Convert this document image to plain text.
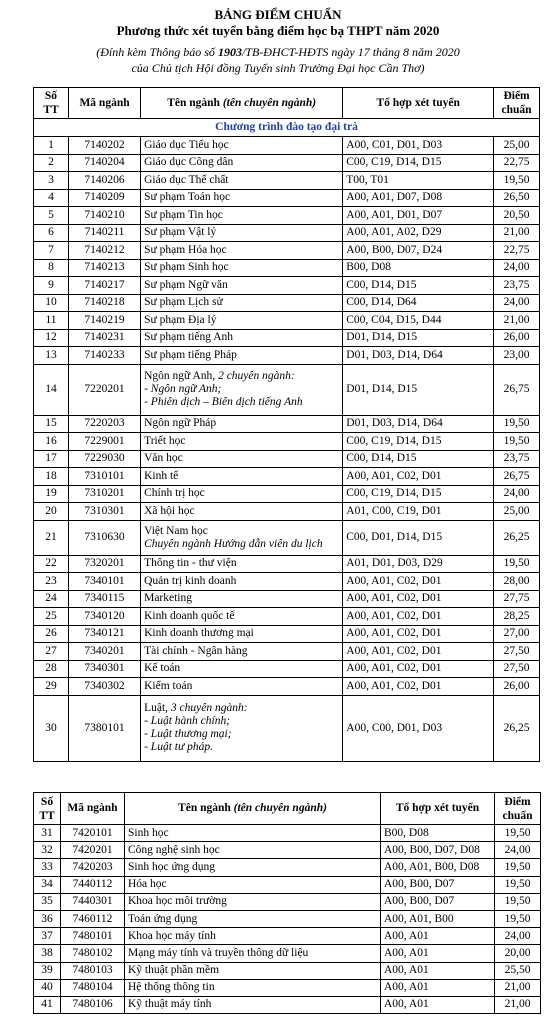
BẢNG ĐIỂM CHUẨN
Phương thức xét tuyển bằng điểm học bạ THPT năm 2020
(Đính kèm Thông báo số 1903/TB-ĐHCT-HĐTS ngày 17 tháng 8 năm 2020
của Chủ tịch Hội đồng Tuyển sinh Trường Đại học Cần Thơ)
Số
TT	Mã ngành	Tên ngành (tên chuyên ngành)	Tổ hợp xét tuyển	Điểm
chuẩn

Chương trình đào tạo đại trà				
1	7140202	Giáo dục Tiểu học	A00, C01, D01, D03	25,00
2	7140204	Giáo dục Công dân	C00, C19, D14, D15	22,75
3	7140206	Giáo dục Thể chất	T00, T01	19,50
4	7140209	Sư phạm Toán học	A00, A01, D07, D08	26,50
5	7140210	Sư phạm Tin học	A00, A01, D01, D07	20,50
6	7140211	Sư phạm Vật lý	A00, A01, A02, D29	21,00
7	7140212	Sư phạm Hóa học	A00, B00, D07, D24	22,75
8	7140213	Sư phạm Sinh học	B00, D08	24,00
9	7140217	Sư phạm Ngữ văn	C00, D14, D15	23,75
10	7140218	Sư phạm Lịch sử	C00, D14, D64	24,00
11	7140219	Sư phạm Địa lý	C00, C04, D15, D44	21,00
12	7140231	Sư phạm tiếng Anh	D01, D14, D15	26,00
13	7140233	Sư phạm tiếng Pháp	D01, D03, D14, D64	23,00
14	7220201	Ngôn ngữ Anh, 2 chuyên ngành:
- Ngôn ngữ Anh;
- Phiên dịch – Biên dịch tiếng Anh	D01, D14, D15	26,75
15	7220203	Ngôn ngữ Pháp	D01, D03, D14, D64	19,50
16	7229001	Triết học	C00, C19, D14, D15	19,50
17	7229030	Văn học	C00, D14, D15	23,75
18	7310101	Kinh tế	A00, A01, C02, D01	26,75
19	7310201	Chính trị học	C00, C19, D14, D15	24,00
20	7310301	Xã hội học	A01, C00, C19, D01	25,00
21	7310630	Việt Nam học
Chuyên ngành Hướng dẫn viên du lịch	C00, D01, D14, D15	26,25
22	7320201	Thông tin - thư viện	A01, D01, D03, D29	19,50
23	7340101	Quản trị kinh doanh	A00, A01, C02, D01	28,00
24	7340115	Marketing	A00, A01, C02, D01	27,75
25	7340120	Kinh doanh quốc tế	A00, A01, C02, D01	28,25
26	7340121	Kinh doanh thương mại	A00, A01, C02, D01	27,00
27	7340201	Tài chính - Ngân hàng	A00, A01, C02, D01	27,50
28	7340301	Kế toán	A00, A01, C02, D01	27,50
29	7340302	Kiểm toán	A00, A01, C02, D01	26,00
30	7380101	Luật, 3 chuyên ngành:
- Luật hành chính;
- Luật thương mại;
- Luật tư pháp.	A00, C00, D01, D03	26,25
Số
TT	Mã ngành	Tên ngành (tên chuyên ngành)	Tổ hợp xét tuyển	Điểm
chuẩn

31	7420101	Sinh học	B00, D08	19,50
32	7420201	Công nghệ sinh học	A00, B00, D07, D08	24,00
33	7420203	Sinh học ứng dụng	A00, A01, B00, D08	19,50
34	7440112	Hóa học	A00, B00, D07	19,50
35	7440301	Khoa học môi trường	A00, B00, D07	19,50
36	7460112	Toán ứng dụng	A00, A01, B00	19,50
37	7480101	Khoa học máy tính	A00, A01	24,00
38	7480102	Mạng máy tính và truyền thông dữ liệu	A00, A01	20,00
39	7480103	Kỹ thuật phần mềm	A00, A01	25,50
40	7480104	Hệ thống thông tin	A00, A01	21,00
41	7480106	Kỹ thuật máy tính	A00, A01	21,00
